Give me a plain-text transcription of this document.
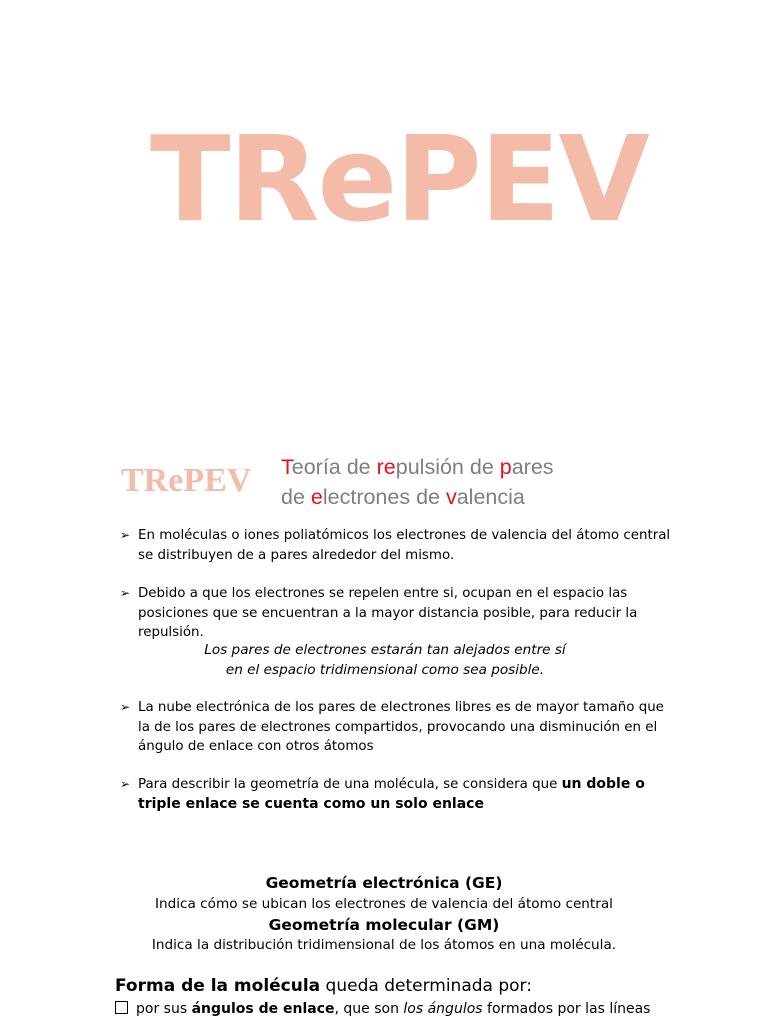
TRePEV
TRePEV Teoría de repulsión de pares
de electrones de valencia
➢ En moléculas o iones poliatómicos los electrones de valencia del átomo central se distribuyen de a pares alrededor del mismo.
➢ Debido a que los electrones se repelen entre si, ocupan en el espacio las posiciones que se encuentran a la mayor distancia posible, para reducir la repulsión.
Los pares de electrones estarán tan alejados entre sí
en el espacio tridimensional como sea posible.
➢ La nube electrónica de los pares de electrones libres es de mayor tamaño que la de los pares de electrones compartidos, provocando una disminución en el ángulo de enlace con otros átomos
➢ Para describir la geometría de una molécula, se considera que un doble o triple enlace se cuenta como un solo enlace
Geometría electrónica (GE)
Indica cómo se ubican los electrones de valencia del átomo central
Geometría molecular (GM)
Indica la distribución tridimensional de los átomos en una molécula.
Forma de la molécula queda determinada por:
por sus ángulos de enlace, que son los ángulos formados por las líneas
